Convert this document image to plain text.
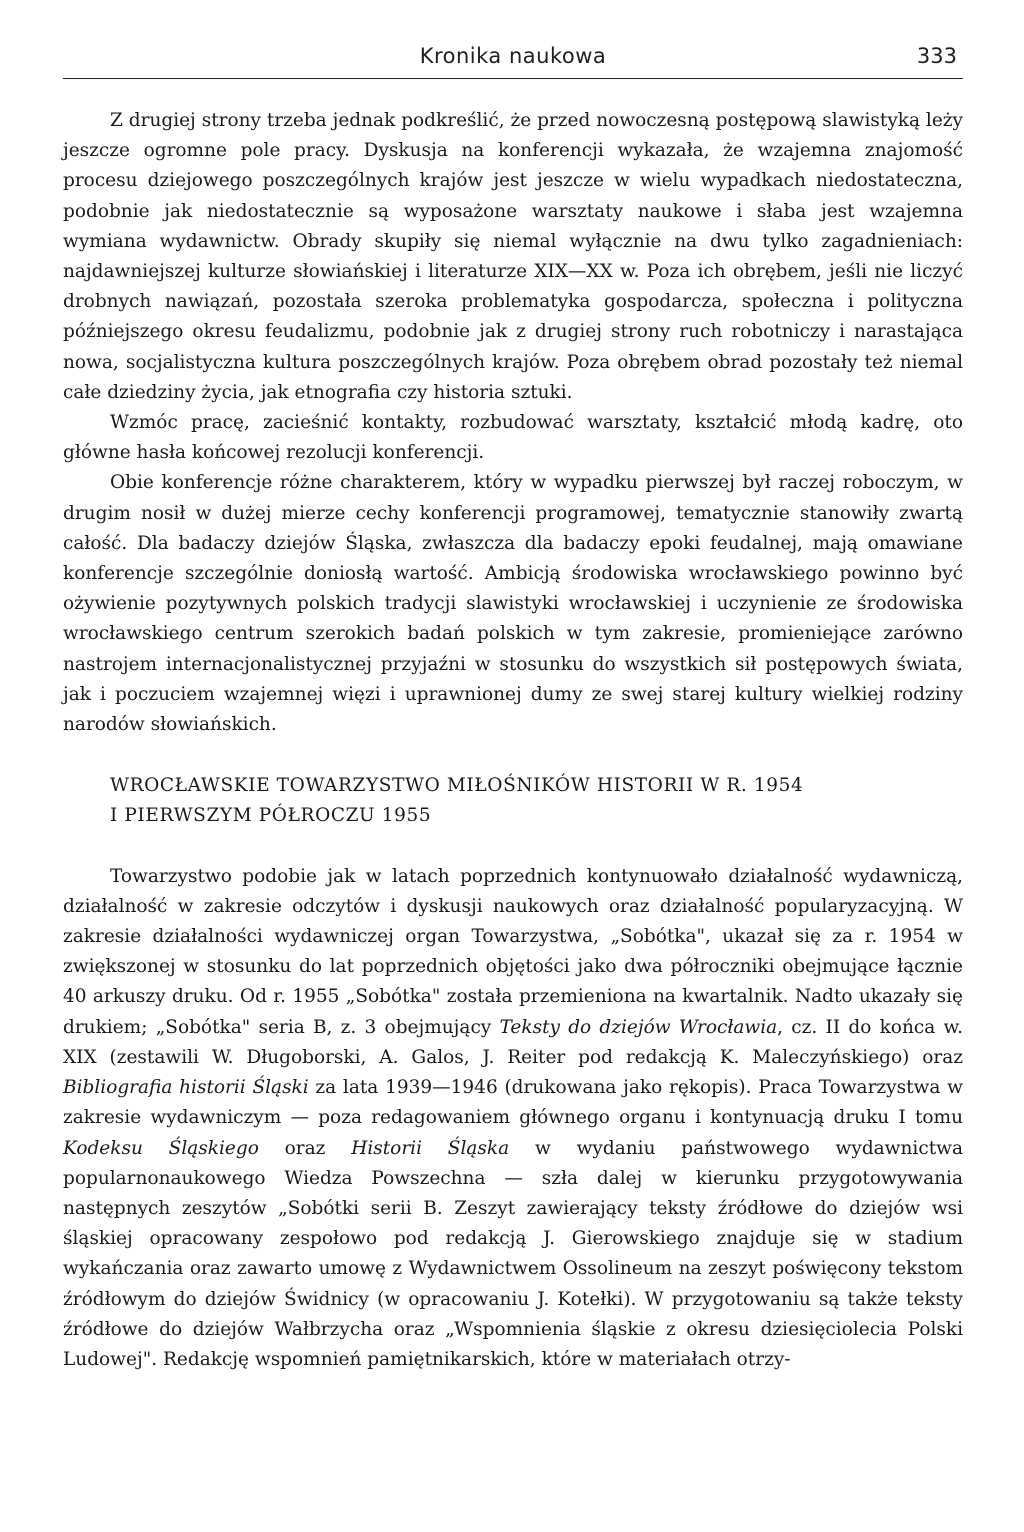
Kronika naukowa	333

Z drugiej strony trzeba jednak podkreślić, że przed nowoczesną postępową slawistyką leży jeszcze ogromne pole pracy. Dyskusja na konferencji wykazała, że wzajemna znajomość procesu dziejowego poszczególnych krajów jest jeszcze w wielu wypadkach niedostateczna, podobnie jak niedostatecznie są wyposażone warsztaty naukowe i słaba jest wzajemna wymiana wydawnictw. Obrady skupiły się niemal wyłącznie na dwu tylko zagadnieniach: najdawniejszej kulturze słowiańskiej i literaturze XIX—XX w. Poza ich obrębem, jeśli nie liczyć drobnych nawiązań, pozostała szeroka problematyka gospodarcza, społeczna i polityczna późniejszego okresu feudalizmu, podobnie jak z drugiej strony ruch robotniczy i narastająca nowa, socjalistyczna kultura poszczególnych krajów. Poza obrębem obrad pozostały też niemal całe dziedziny życia, jak etnografia czy historia sztuki.

Wzmóc pracę, zacieśnić kontakty, rozbudować warsztaty, kształcić młodą kadrę, oto główne hasła końcowej rezolucji konferencji.

Obie konferencje różne charakterem, który w wypadku pierwszej był raczej roboczym, w drugim nosił w dużej mierze cechy konferencji programowej, tematycznie stanowiły zwartą całość. Dla badaczy dziejów Śląska, zwłaszcza dla badaczy epoki feudalnej, mają omawiane konferencje szczególnie doniosłą wartość. Ambicją środowiska wrocławskiego powinno być ożywienie pozytywnych polskich tradycji slawistyki wrocławskiej i uczynienie ze środowiska wrocławskiego centrum szerokich badań polskich w tym zakresie, promieniejące zarówno nastrojem internacjonalistycznej przyjaźni w stosunku do wszystkich sił postępowych świata, jak i poczuciem wzajemnej więzi i uprawnionej dumy ze swej starej kultury wielkiej rodziny narodów słowiańskich.

WROCŁAWSKIE TOWARZYSTWO MIŁOŚNIKÓW HISTORII W R. 1954
I PIERWSZYM PÓŁROCZU 1955

Towarzystwo podobie jak w latach poprzednich kontynuowało działalność wydawniczą, działalność w zakresie odczytów i dyskusji naukowych oraz działalność popularyzacyjną. W zakresie działalności wydawniczej organ Towarzystwa, „Sobótka", ukazał się za r. 1954 w zwiększonej w stosunku do lat poprzednich objętości jako dwa półroczniki obejmujące łącznie 40 arkuszy druku. Od r. 1955 „Sobótka" została przemieniona na kwartalnik. Nadto ukazały się drukiem; „Sobótka" seria B, z. 3 obejmujący Teksty do dziejów Wrocławia, cz. II do końca w. XIX (zestawili W. Długoborski, A. Galos, J. Reiter pod redakcją K. Maleczyńskiego) oraz Bibliografia historii Śląski za lata 1939—1946 (drukowana jako rękopis). Praca Towarzystwa w zakresie wydawniczym — poza redagowaniem głównego organu i kontynuacją druku I tomu Kodeksu Śląskiego oraz Historii Śląska w wydaniu państwowego wydawnictwa popularnonaukowego Wiedza Powszechna — szła dalej w kierunku przygotowywania następnych zeszytów „Sobótki serii B. Zeszyt zawierający teksty źródłowe do dziejów wsi śląskiej opracowany zespołowo pod redakcją J. Gierowskiego znajduje się w stadium wykańczania oraz zawarto umowę z Wydawnictwem Ossolineum na zeszyt poświęcony tekstom źródłowym do dziejów Świdnicy (w opracowaniu J. Kotełki). W przygotowaniu są także teksty źródłowe do dziejów Wałbrzycha oraz „Wspomnienia śląskie z okresu dziesięciolecia Polski Ludowej". Redakcję wspomnień pamiętnikarskich, które w materiałach otrzy-
